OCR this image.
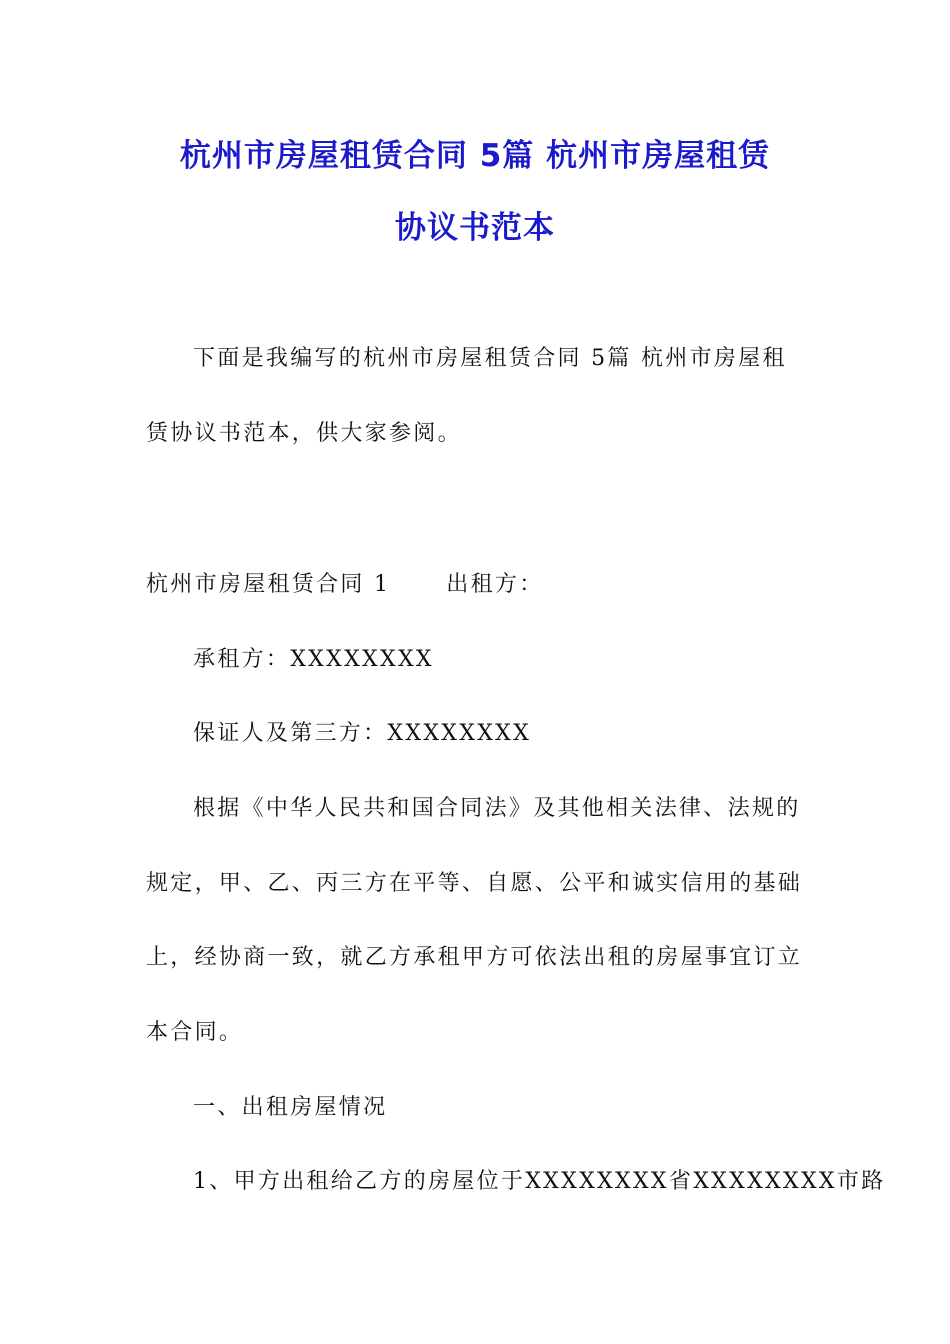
杭州市房屋租赁合同 5篇 杭州市房屋租赁
协议书范本
下面是我编写的杭州市房屋租赁合同 5篇 杭州市房屋租
赁协议书范本，供大家参阅。
杭州市房屋租赁合同 1	出租方：
承租方：XXXXXXXX
保证人及第三方：XXXXXXXX
根据《中华人民共和国合同法》及其他相关法律、法规的
规定，甲、乙、丙三方在平等、自愿、公平和诚实信用的基础
上，经协商一致，就乙方承租甲方可依法出租的房屋事宜订立
本合同。
一、出租房屋情况
1、甲方出租给乙方的房屋位于XXXXXXXX省XXXXXXXX市路
